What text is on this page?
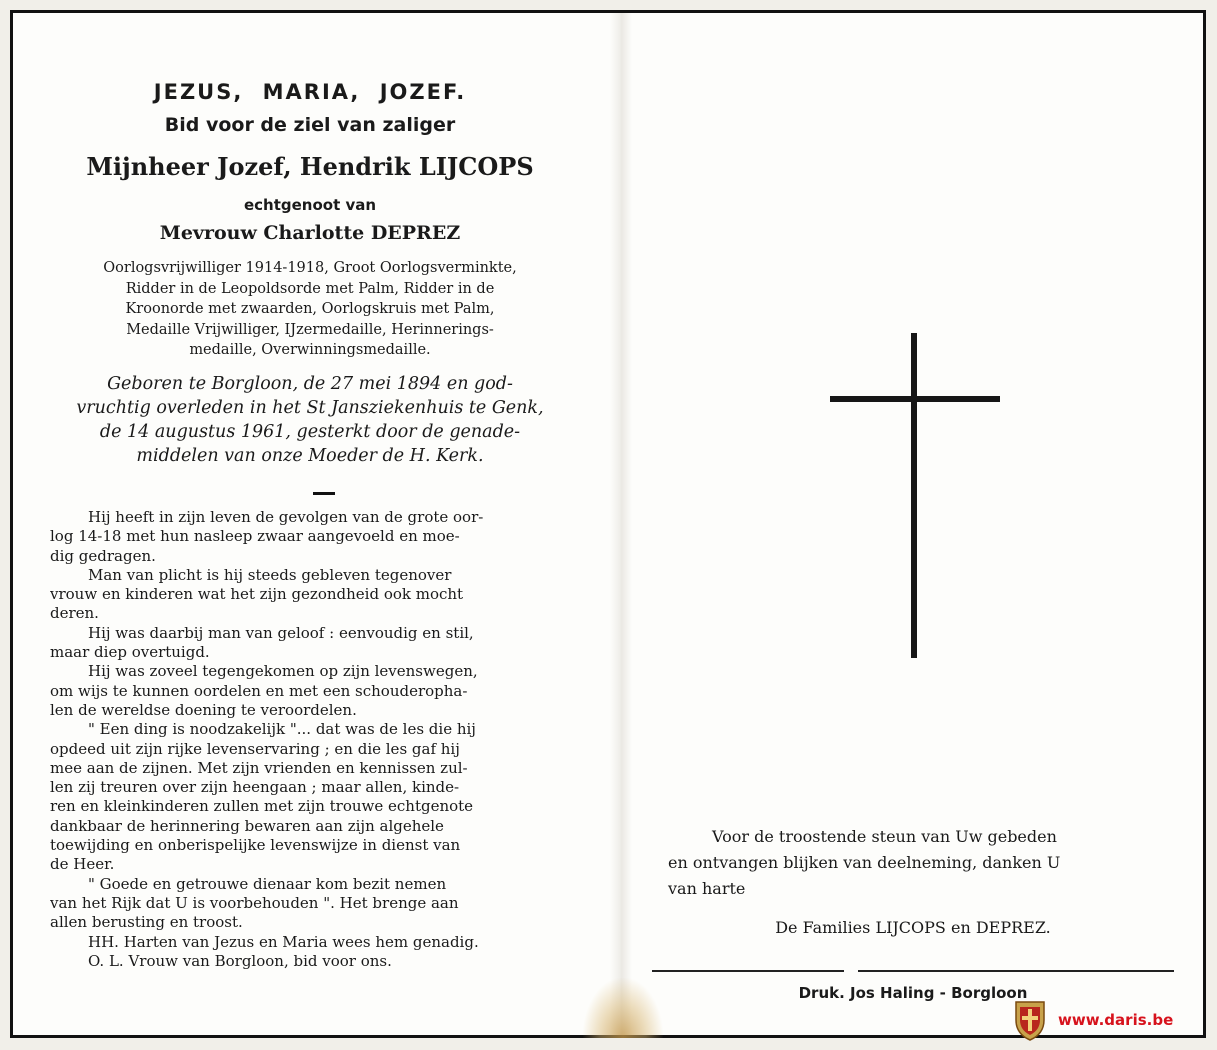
JEZUS, MARIA, JOZEF.
Bid voor de ziel van zaliger
Mijnheer Jozef, Hendrik LIJCOPS
echtgenoot van
Mevrouw Charlotte DEPREZ
Oorlogsvrijwilliger 1914-1918, Groot Oorlogsverminkte,
Ridder in de Leopoldsorde met Palm, Ridder in de
Kroonorde met zwaarden, Oorlogskruis met Palm,
Medaille Vrijwilliger, IJzermedaille, Herinnerings-
medaille, Overwinningsmedaille.
Geboren te Borgloon, de 27 mei 1894 en god-
vruchtig overleden in het St Jansziekenhuis te Genk,
de 14 augustus 1961, gesterkt door de genade-
middelen van onze Moeder de H. Kerk.
Hij heeft in zijn leven de gevolgen van de grote oor-
log 14-18 met hun nasleep zwaar aangevoeld en moe-
dig gedragen.
Man van plicht is hij steeds gebleven tegenover
vrouw en kinderen wat het zijn gezondheid ook mocht
deren.
Hij was daarbij man van geloof : eenvoudig en stil,
maar diep overtuigd.
Hij was zoveel tegengekomen op zijn levenswegen,
om wijs te kunnen oordelen en met een schouderopha-
len de wereldse doening te veroordelen.
" Een ding is noodzakelijk "... dat was de les die hij
opdeed uit zijn rijke levenservaring ; en die les gaf hij
mee aan de zijnen. Met zijn vrienden en kennissen zul-
len zij treuren over zijn heengaan ; maar allen, kinde-
ren en kleinkinderen zullen met zijn trouwe echtgenote
dankbaar de herinnering bewaren aan zijn algehele
toewijding en onberispelijke levenswijze in dienst van
de Heer.
" Goede en getrouwe dienaar kom bezit nemen
van het Rijk dat U is voorbehouden ". Het brenge aan
allen berusting en troost.
HH. Harten van Jezus en Maria wees hem genadig.
O. L. Vrouw van Borgloon, bid voor ons.
Voor de troostende steun van Uw gebeden
en ontvangen blijken van deelneming, danken U
van harte
De Families LIJCOPS en DEPREZ.
Druk. Jos Haling - Borgloon
www.daris.be
